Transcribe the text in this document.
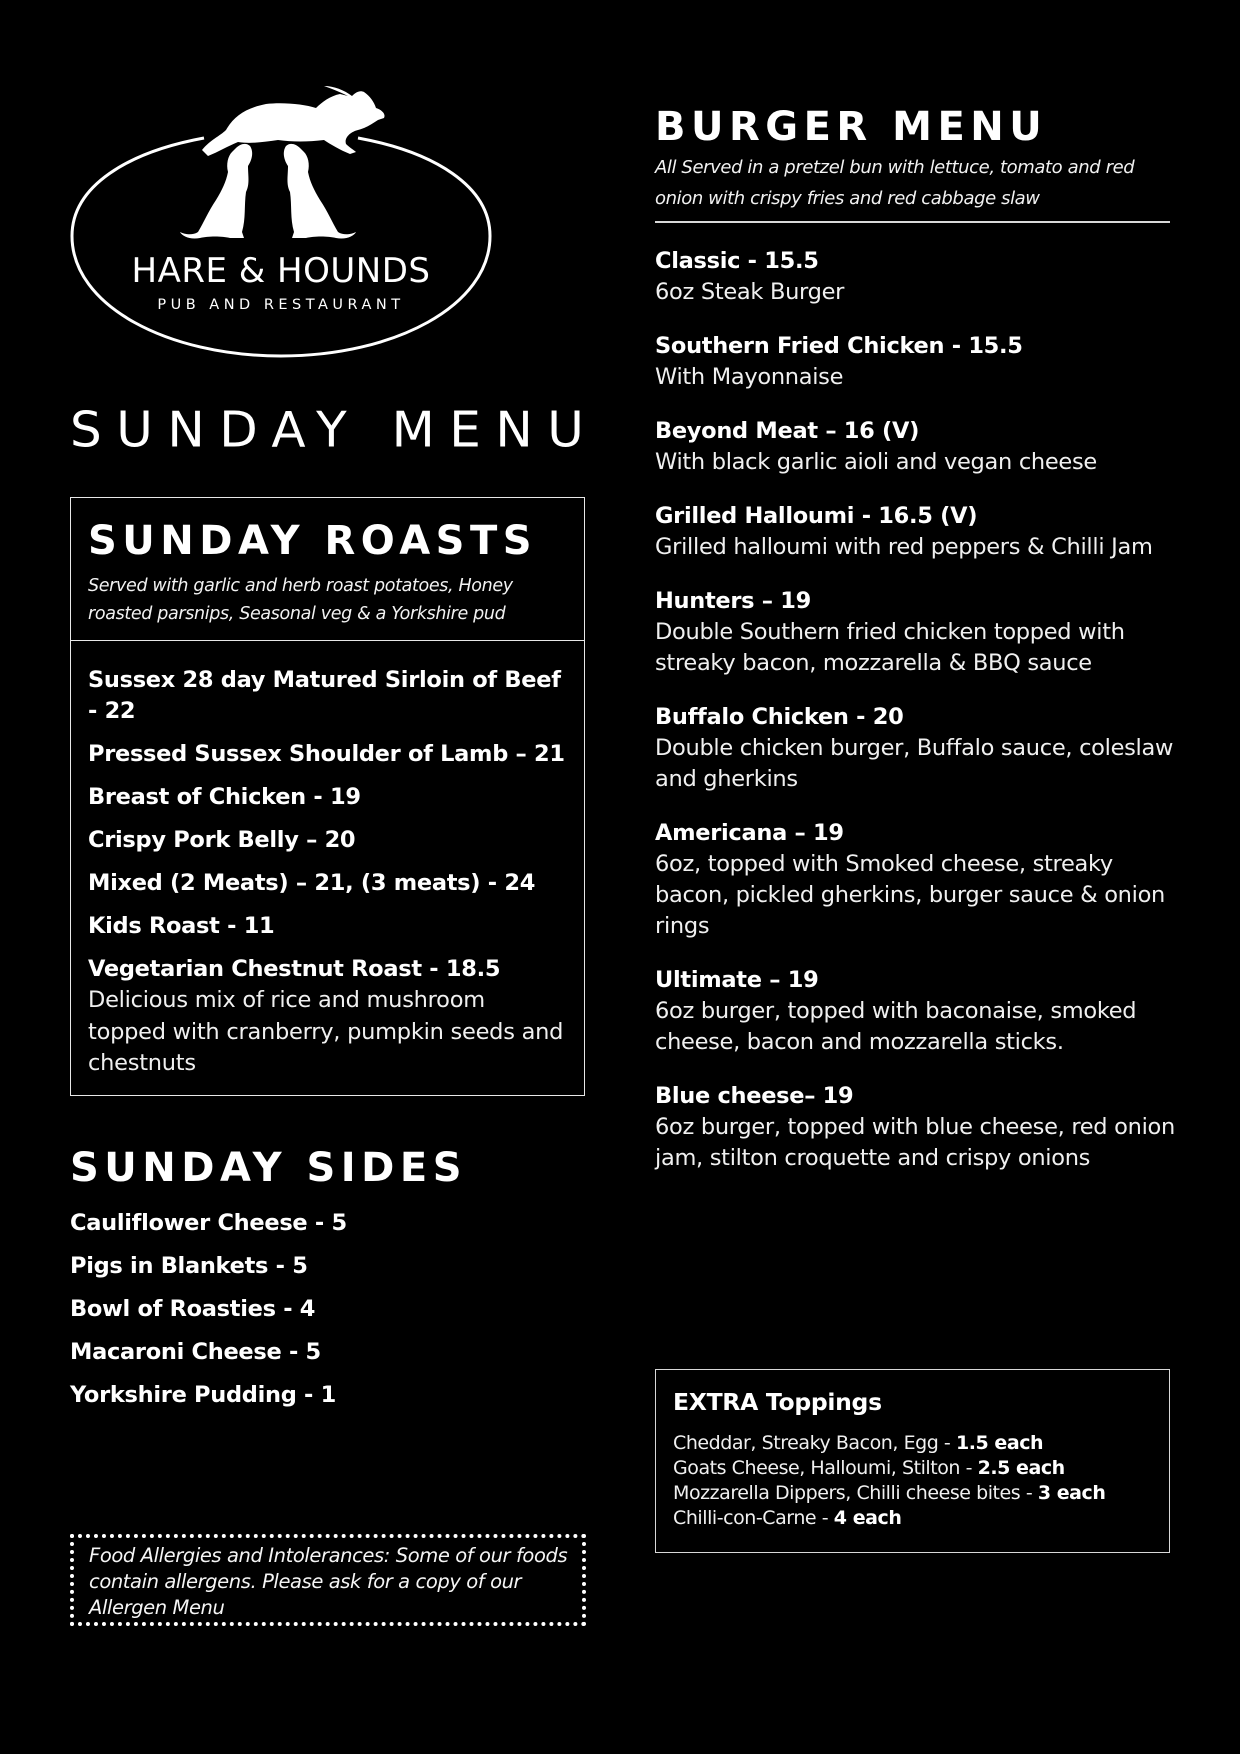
HARE & HOUNDS
PUB AND RESTAURANT
SUNDAY MENU
SUNDAY ROASTS
Served with garlic and herb roast potatoes, Honey roasted parsnips, Seasonal veg & a Yorkshire pud
Sussex 28 day Matured Sirloin of Beef - 22
Pressed Sussex Shoulder of Lamb – 21
Breast of Chicken - 19
Crispy Pork Belly – 20
Mixed (2 Meats) – 21, (3 meats) - 24
Kids Roast - 11
Vegetarian Chestnut Roast - 18.5
Delicious mix of rice and mushroom topped with cranberry, pumpkin seeds and chestnuts
SUNDAY SIDES
Cauliflower Cheese - 5
Pigs in Blankets - 5
Bowl of Roasties - 4
Macaroni Cheese - 5
Yorkshire Pudding - 1
Food Allergies and Intolerances: Some of our foods contain allergens. Please ask for a copy of our Allergen Menu
BURGER MENU
All Served in a pretzel bun with lettuce, tomato and red onion with crispy fries and red cabbage slaw
Classic - 15.5
6oz Steak Burger
Southern Fried Chicken - 15.5
With Mayonnaise
Beyond Meat – 16 (V)
With black garlic aioli and vegan cheese
Grilled Halloumi - 16.5 (V)
Grilled halloumi with red peppers & Chilli Jam
Hunters – 19
Double Southern fried chicken topped with streaky bacon, mozzarella & BBQ sauce
Buffalo Chicken - 20
Double chicken burger, Buffalo sauce, coleslaw and gherkins
Americana – 19
6oz, topped with Smoked cheese, streaky bacon, pickled gherkins, burger sauce & onion rings
Ultimate – 19
6oz burger, topped with baconaise, smoked cheese, bacon and mozzarella sticks.
Blue cheese– 19
6oz burger, topped with blue cheese, red onion jam, stilton croquette and crispy onions
EXTRA Toppings
Cheddar, Streaky Bacon, Egg - 1.5 each
Goats Cheese, Halloumi, Stilton - 2.5 each
Mozzarella Dippers, Chilli cheese bites - 3 each
Chilli-con-Carne - 4 each
